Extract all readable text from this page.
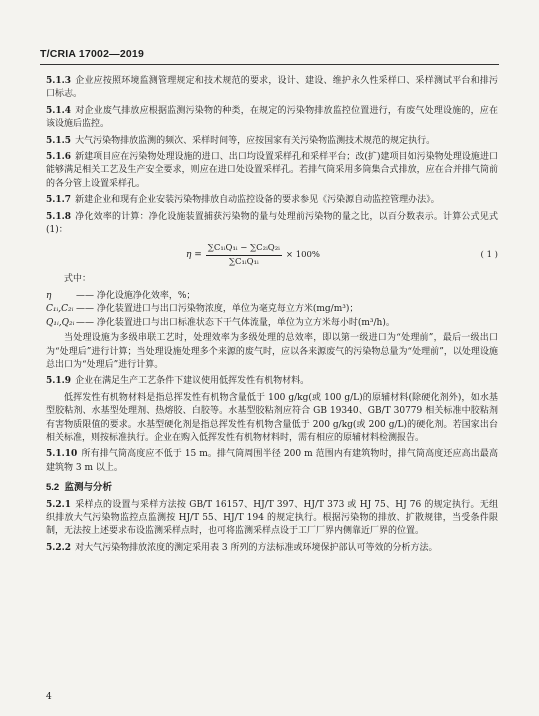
T/CRIA 17002—2019

5.1.3 企业应按照环境监测管理规定和技术规范的要求，设计、建设、维护永久性采样口、采样测试平台和排污口标志。

5.1.4 对企业废气排放应根据监测污染物的种类，在规定的污染物排放监控位置进行，有废气处理设施的，应在该设施后监控。

5.1.5 大气污染物排放监测的频次、采样时间等，应按国家有关污染物监测技术规范的规定执行。

5.1.6 新建项目应在污染物处理设施的进口、出口均设置采样孔和采样平台；改(扩)建项目如污染物处理设施进口能够满足相关工艺及生产安全要求，则应在进口处设置采样孔。若排气筒采用多筒集合式排放，应在合并排气筒前的各分管上设置采样孔。

5.1.7 新建企业和现有企业安装污染物排放自动监控设备的要求参见《污染源自动监控管理办法》。

5.1.8 净化效率的计算：净化设施装置捕获污染物的量与处理前污染物的量之比，以百分数表示。计算公式见式(1)：

$\eta = \frac{\text{∑C₁ᵢQ₁ᵢ − ∑C₂ᵢQ₂ᵢ}}{\text{∑C₁ᵢQ₁ᵢ}} \times 100\%$	( 1 )

式中：

η	—— 净化设施净化效率，%；
C₁ᵢ,C₂ᵢ —— 净化装置进口与出口污染物浓度，单位为毫克每立方米(mg/m³)；
Q₁ᵢ,Q₂ᵢ —— 净化装置进口与出口标准状态下干气体流量，单位为立方米每小时(m³/h)。

当处理设施为多级串联工艺时，处理效率为多级处理的总效率，即以第一级进口为“处理前”，最后一级出口为“处理后”进行计算；当处理设施处理多个来源的废气时，应以各来源废气的污染物总量为“处理前”，以处理设施总出口为“处理后”进行计算。

5.1.9 企业在满足生产工艺条件下建议使用低挥发性有机物材料。

低挥发性有机物材料是指总挥发性有机物含量低于 100 g/kg(或 100 g/L)的原辅材料(除硬化剂外)，如水基型胶粘剂、水基型处理剂、热熔胶、白胶等。水基型胶粘剂应符合 GB 19340、GB/T 30779 相关标准中胶粘剂有害物质限值的要求。水基型硬化剂是指总挥发性有机物含量低于 200 g/kg(或 200 g/L)的硬化剂。若国家出台相关标准，则按标准执行。企业在购入低挥发性有机物材料时，需有相应的原辅材料检测报告。

5.1.10 所有排气筒高度应不低于 15 m。排气筒周围半径 200 m 范围内有建筑物时，排气筒高度还应高出最高建筑物 3 m 以上。

5.2 监测与分析

5.2.1 采样点的设置与采样方法按 GB/T 16157、HJ/T 397、HJ/T 373 或 HJ 75、HJ 76 的规定执行。无组织排放大气污染物监控点监测按 HJ/T 55、HJ/T 194 的规定执行。根据污染物的排放、扩散规律，当受条件限制，无法按上述要求布设监测采样点时，也可将监测采样点设于工厂厂界内侧靠近厂界的位置。

5.2.2 对大气污染物排放浓度的测定采用表 3 所列的方法标准或环境保护部认可等效的分析方法。

4
